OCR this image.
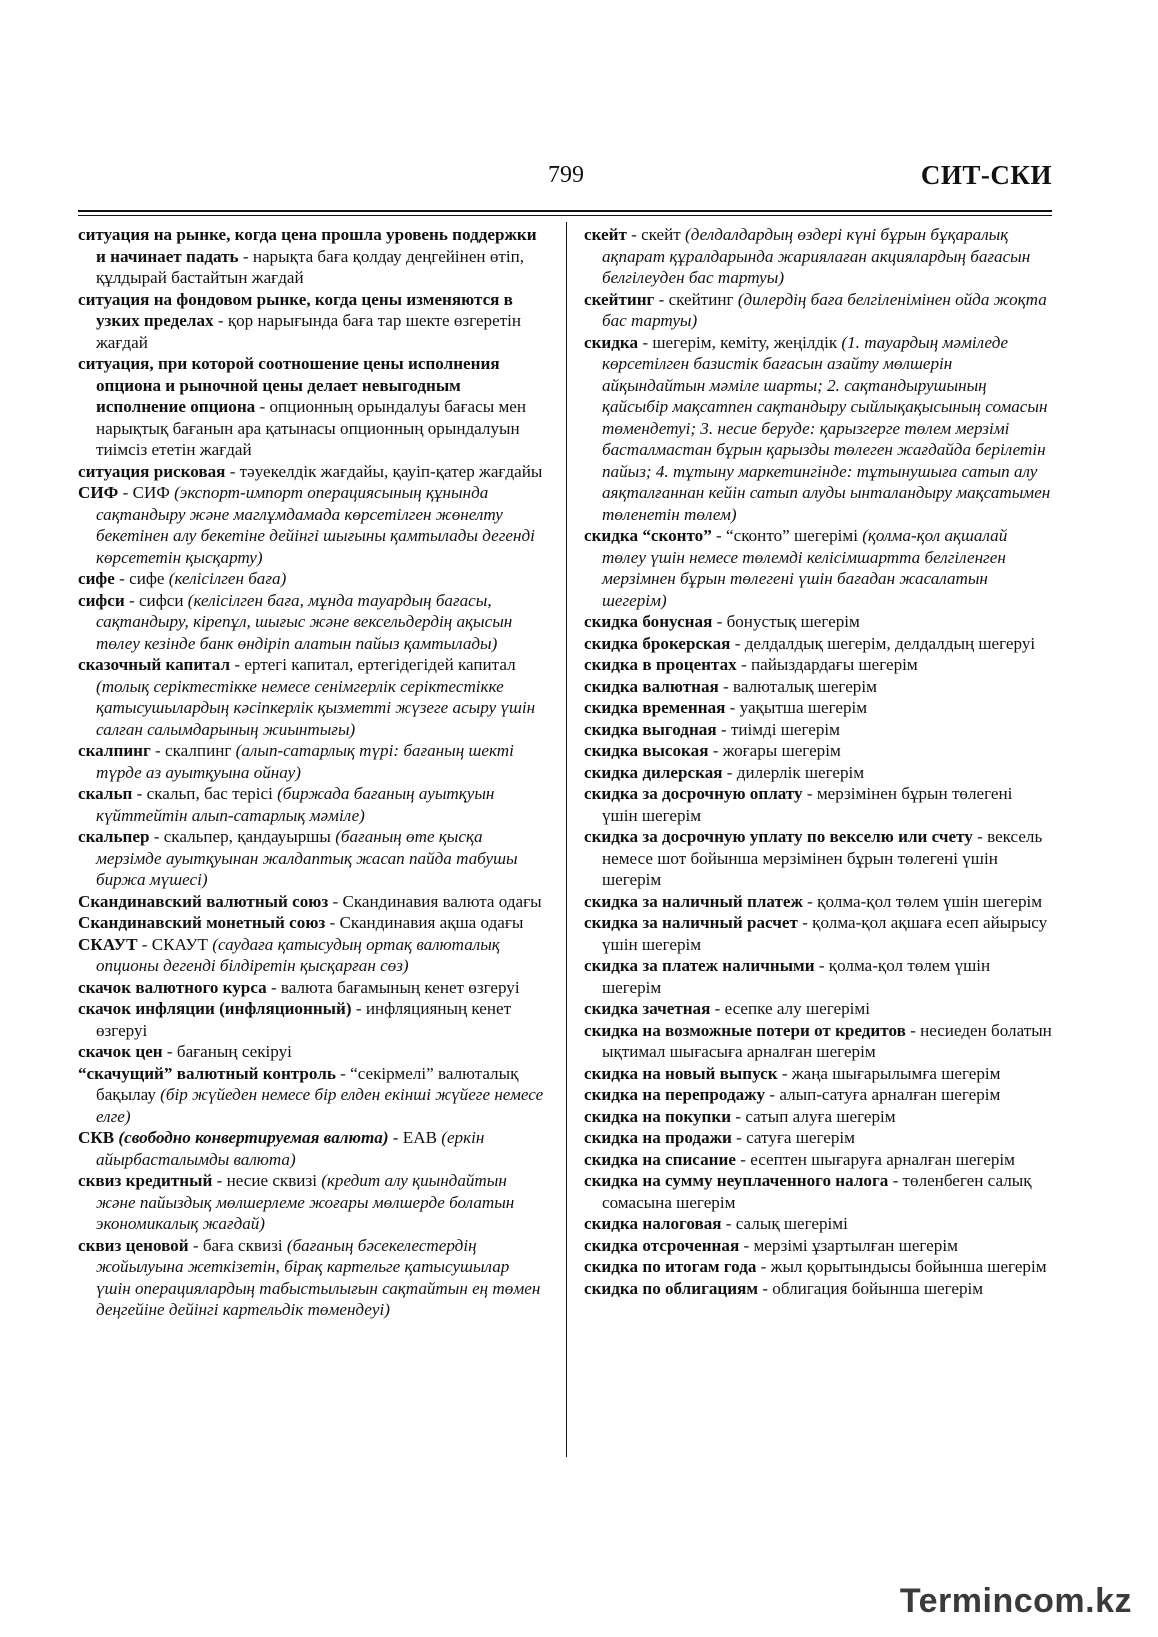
799	СИТ-СКИ

ситуация на рынке, когда цена прошла уровень поддержки и начинает падать - нарықта баға қолдау деңгейінен өтіп, құлдырай бастайтын жағдай

ситуация на фондовом рынке, когда цены изменяются в узких пределах - қор нарығында баға тар шекте өзгеретін жағдай

ситуация, при которой соотношение цены исполнения опциона и рыночной цены делает невыгодным исполнение опциона - опционның орындалуы бағасы мен нарықтық бағанын ара қатынасы опционның орындалуын тиімсіз ететін жағдай

ситуация рисковая - тәуекелдік жағдайы, қауіп-қатер жағдайы

СИФ - СИФ (экспорт-импорт операциясының құнында сақтандыру және маглұмдамада көрсетілген жөнелту бекетінен алу бекетіне дейінгі шығыны қамтылады дегенді көрсететін қысқарту)

сифе - сифе (келісілген баға)

сифси - сифси (келісілген баға, мұнда тауардың бағасы, сақтандыру, кірепұл, шығыс және вексельдердің ақысын төлеу кезінде банк өндіріп алатын пайыз қамтылады)

сказочный капитал - ертегі капитал, ертегідегідей капитал (толық серіктестікке немесе сенімгерлік серіктестікке қатысушылардың кәсіпкерлік қызметті жүзеге асыру үшін салған салымдарының жиынтығы)

скалпинг - скалпинг (алып-сатарлық түрі: бағаның шекті түрде аз ауытқуына ойнау)

скальп - скальп, бас терісі (биржада бағаның ауытқуын күйттейтін алып-сатарлық мәміле)

скальпер - скальпер, қандауыршы (бағаның өте қысқа мерзімде ауытқуынан жалдаптық жасап пайда табушы биржа мүшесі)

Скандинавский валютный союз - Скандинавия валюта одағы

Скандинавский монетный союз - Скандинавия ақша одағы

СКАУТ - СКАУТ (саудаға қатысудың ортақ валюталық опционы дегенді білдіретін қысқарған сөз)

скачок валютного курса - валюта бағамының кенет өзгеруі

скачок инфляции (инфляционный) - инфляцияның кенет өзгеруі

скачок цен - бағаның секіруі

“скачущий” валютный контроль - “секірмелі” валюталық бақылау (бір жүйеден немесе бір елден екінші жүйеге немесе елге)

СКВ (свободно конвертируемая валюта) - ЕАВ (еркін айырбасталымды валюта)

сквиз кредитный - несие сквизі (кредит алу қиындайтын және пайыздық мөлшерлеме жоғары мөлшерде болатын экономикалық жағдай)

сквиз ценовой - баға сквизі (бағаның бәсекелестердің жойылуына жеткізетін, бірақ картельге қатысушылар үшін операциялардың табыстылығын сақтайтын ең төмен деңгейіне дейінгі картельдік төмендеуі)

скейт - скейт (делдалдардың өздері күні бұрын бұқаралық ақпарат құралдарында жариялаған акциялардың бағасын белгілеуден бас тартуы)

скейтинг - скейтинг (дилердің баға белгіленімінен ойда жоқта бас тартуы)

скидка - шегерім, кеміту, жеңілдік (1. тауардың мәміледе көрсетілген базистік бағасын азайту мөлшерін айқындайтын мәміле шарты; 2. сақтандырушының қайсыбір мақсатпен сақтандыру сыйлықақысының сомасын төмендетуі; 3. несие беруде: қарызгерге төлем мерзімі басталмастан бұрын қарызды төлеген жағдайда берілетін пайыз; 4. тұтыну маркетингінде: тұтынушыға сатып алу аяқталғаннан кейін сатып алуды ынталандыру мақсатымен төленетін төлем)

скидка “сконто” - “сконто” шегерімі (қолма-қол ақшалай төлеу үшін немесе төлемді келісімшартта белгіленген мерзімнен бұрын төлегені үшін бағадан жасалатын шегерім)

скидка бонусная - бонустық шегерім

скидка брокерская - делдалдық шегерім, делдалдың шегеруі

скидка в процентах - пайыздардағы шегерім

скидка валютная - валюталық шегерім

скидка временная - уақытша шегерім

скидка выгодная - тиімді шегерім

скидка высокая - жоғары шегерім

скидка дилерская - дилерлік шегерім

скидка за досрочную оплату - мерзімінен бұрын төлегені үшін шегерім

скидка за досрочную уплату по векселю или счету - вексель немесе шот бойынша мерзімінен бұрын төлегені үшін шегерім

скидка за наличный платеж - қолма-қол төлем үшін шегерім

скидка за наличный расчет - қолма-қол ақшаға есеп айырысу үшін шегерім

скидка за платеж наличными - қолма-қол төлем үшін шегерім

скидка зачетная - есепке алу шегерімі

скидка на возможные потери от кредитов - несиеден болатын ықтимал шығасыға арналған шегерім

скидка на новый выпуск - жаңа шығарылымға шегерім

скидка на перепродажу - алып-сатуға арналған шегерім

скидка на покупки - сатып алуға шегерім

скидка на продажи - сатуға шегерім

скидка на списание - есептен шығаруға арналған шегерім

скидка на сумму неуплаченного налога - төленбеген салық сомасына шегерім

скидка налоговая - салық шегерімі

скидка отсроченная - мерзімі ұзартылған шегерім

скидка по итогам года - жыл қорытындысы бойынша шегерім

скидка по облигациям - облигация бойынша шегерім

Termincom.kz
